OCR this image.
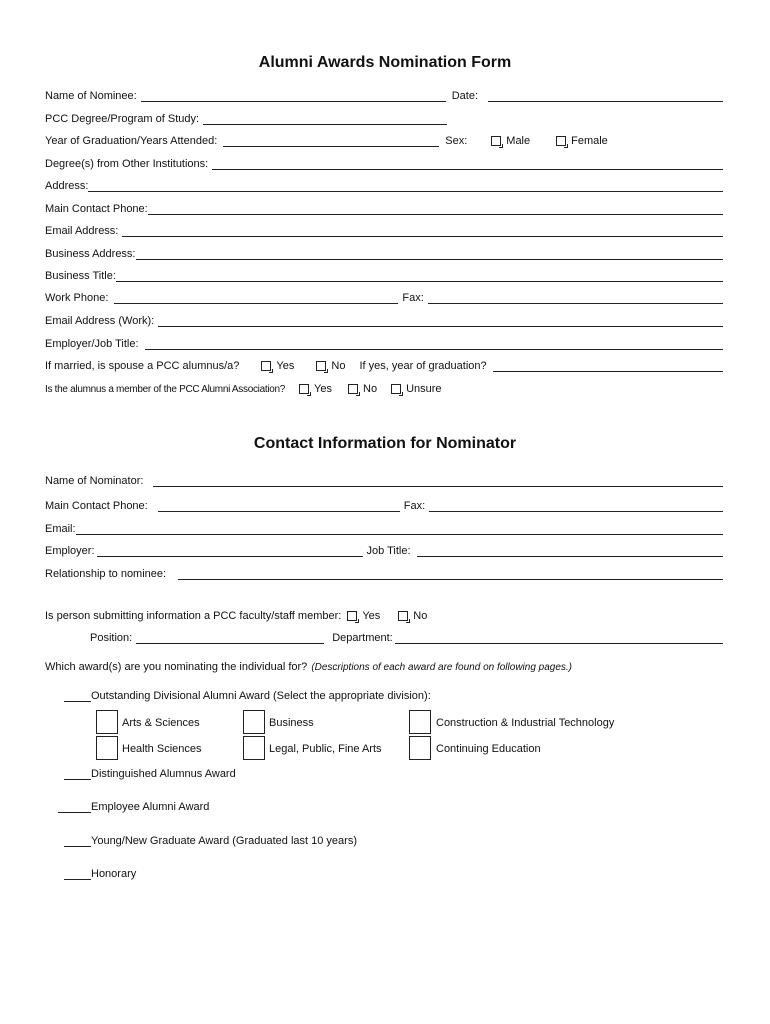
Alumni Awards Nomination Form
Name of Nominee:	Date:
PCC Degree/Program of Study:
Year of Graduation/Years Attended:	Sex:	Male	Female
Degree(s) from Other Institutions:
Address:
Main Contact Phone:
Email Address:
Business Address:
Business Title:
Work Phone:	Fax:
Email Address (Work):
Employer/Job Title:
If married, is spouse a PCC alumnus/a?	Yes	No If yes, year of graduation?
Is the alumnus a member of the PCC Alumni Association?	Yes	No	Unsure
Contact Information for Nominator
Name of Nominator:
Main Contact Phone:	Fax:
Email:
Employer:	Job Title:
Relationship to nominee:
Is person submitting information a PCC faculty/staff member: Yes	No
Position:	Department:
Which award(s) are you nominating the individual for? (Descriptions of each award are found on following pages.)
Outstanding Divisional Alumni Award (Select the appropriate division):
Arts & Sciences	Business	Construction & Industrial Technology
Health Sciences	Legal, Public, Fine Arts	Continuing Education
Distinguished Alumnus Award
Employee Alumni Award
Young/New Graduate Award (Graduated last 10 years)
Honorary
